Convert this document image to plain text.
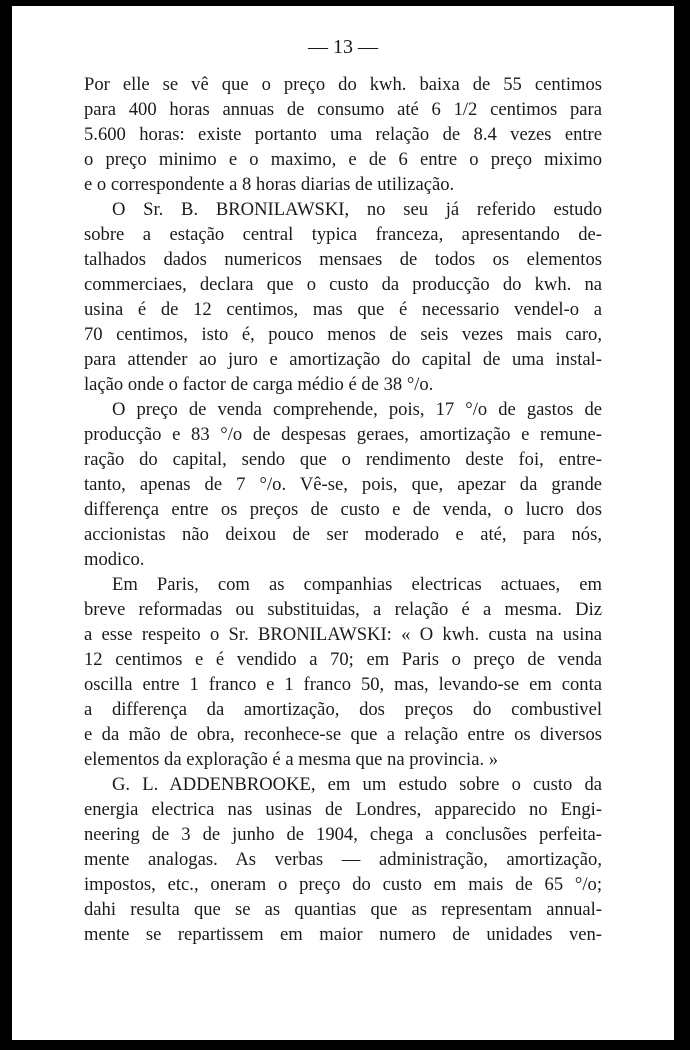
— 13 —
Por elle se vê que o preço do kwh. baixa de 55 centimos
para 400 horas annuas de consumo até 6 1/2 centimos para
5.600 horas: existe portanto uma relação de 8.4 vezes entre
o preço minimo e o maximo, e de 6 entre o preço miximo
e o correspondente a 8 horas diarias de utilização.
O Sr. B. BRONILAWSKI, no seu já referido estudo
sobre a estação central typica franceza, apresentando de-
talhados dados numericos mensaes de todos os elementos
commerciaes, declara que o custo da producção do kwh. na
usina é de 12 centimos, mas que é necessario vendel-o a
70 centimos, isto é, pouco menos de seis vezes mais caro,
para attender ao juro e amortização do capital de uma instal-
lação onde o factor de carga médio é de 38 °/o.
O preço de venda comprehende, pois, 17 °/o de gastos de
producção e 83 °/o de despesas geraes, amortização e remune-
ração do capital, sendo que o rendimento deste foi, entre-
tanto, apenas de 7 °/o. Vê-se, pois, que, apezar da grande
differença entre os preços de custo e de venda, o lucro dos
accionistas não deixou de ser moderado e até, para nós,
modico.
Em Paris, com as companhias electricas actuaes, em
breve reformadas ou substituidas, a relação é a mesma. Diz
a esse respeito o Sr. BRONILAWSKI: « O kwh. custa na usina
12 centimos e é vendido a 70; em Paris o preço de venda
oscilla entre 1 franco e 1 franco 50, mas, levando-se em conta
a differença da amortização, dos preços do combustivel
e da mão de obra, reconhece-se que a relação entre os diversos
elementos da exploração é a mesma que na provincia. »
G. L. ADDENBROOKE, em um estudo sobre o custo da
energia electrica nas usinas de Londres, apparecido no Engi-
neering de 3 de junho de 1904, chega a conclusões perfeita-
mente analogas. As verbas — administração, amortização,
impostos, etc., oneram o preço do custo em mais de 65 °/o;
dahi resulta que se as quantias que as representam annual-
mente se repartissem em maior numero de unidades ven-
